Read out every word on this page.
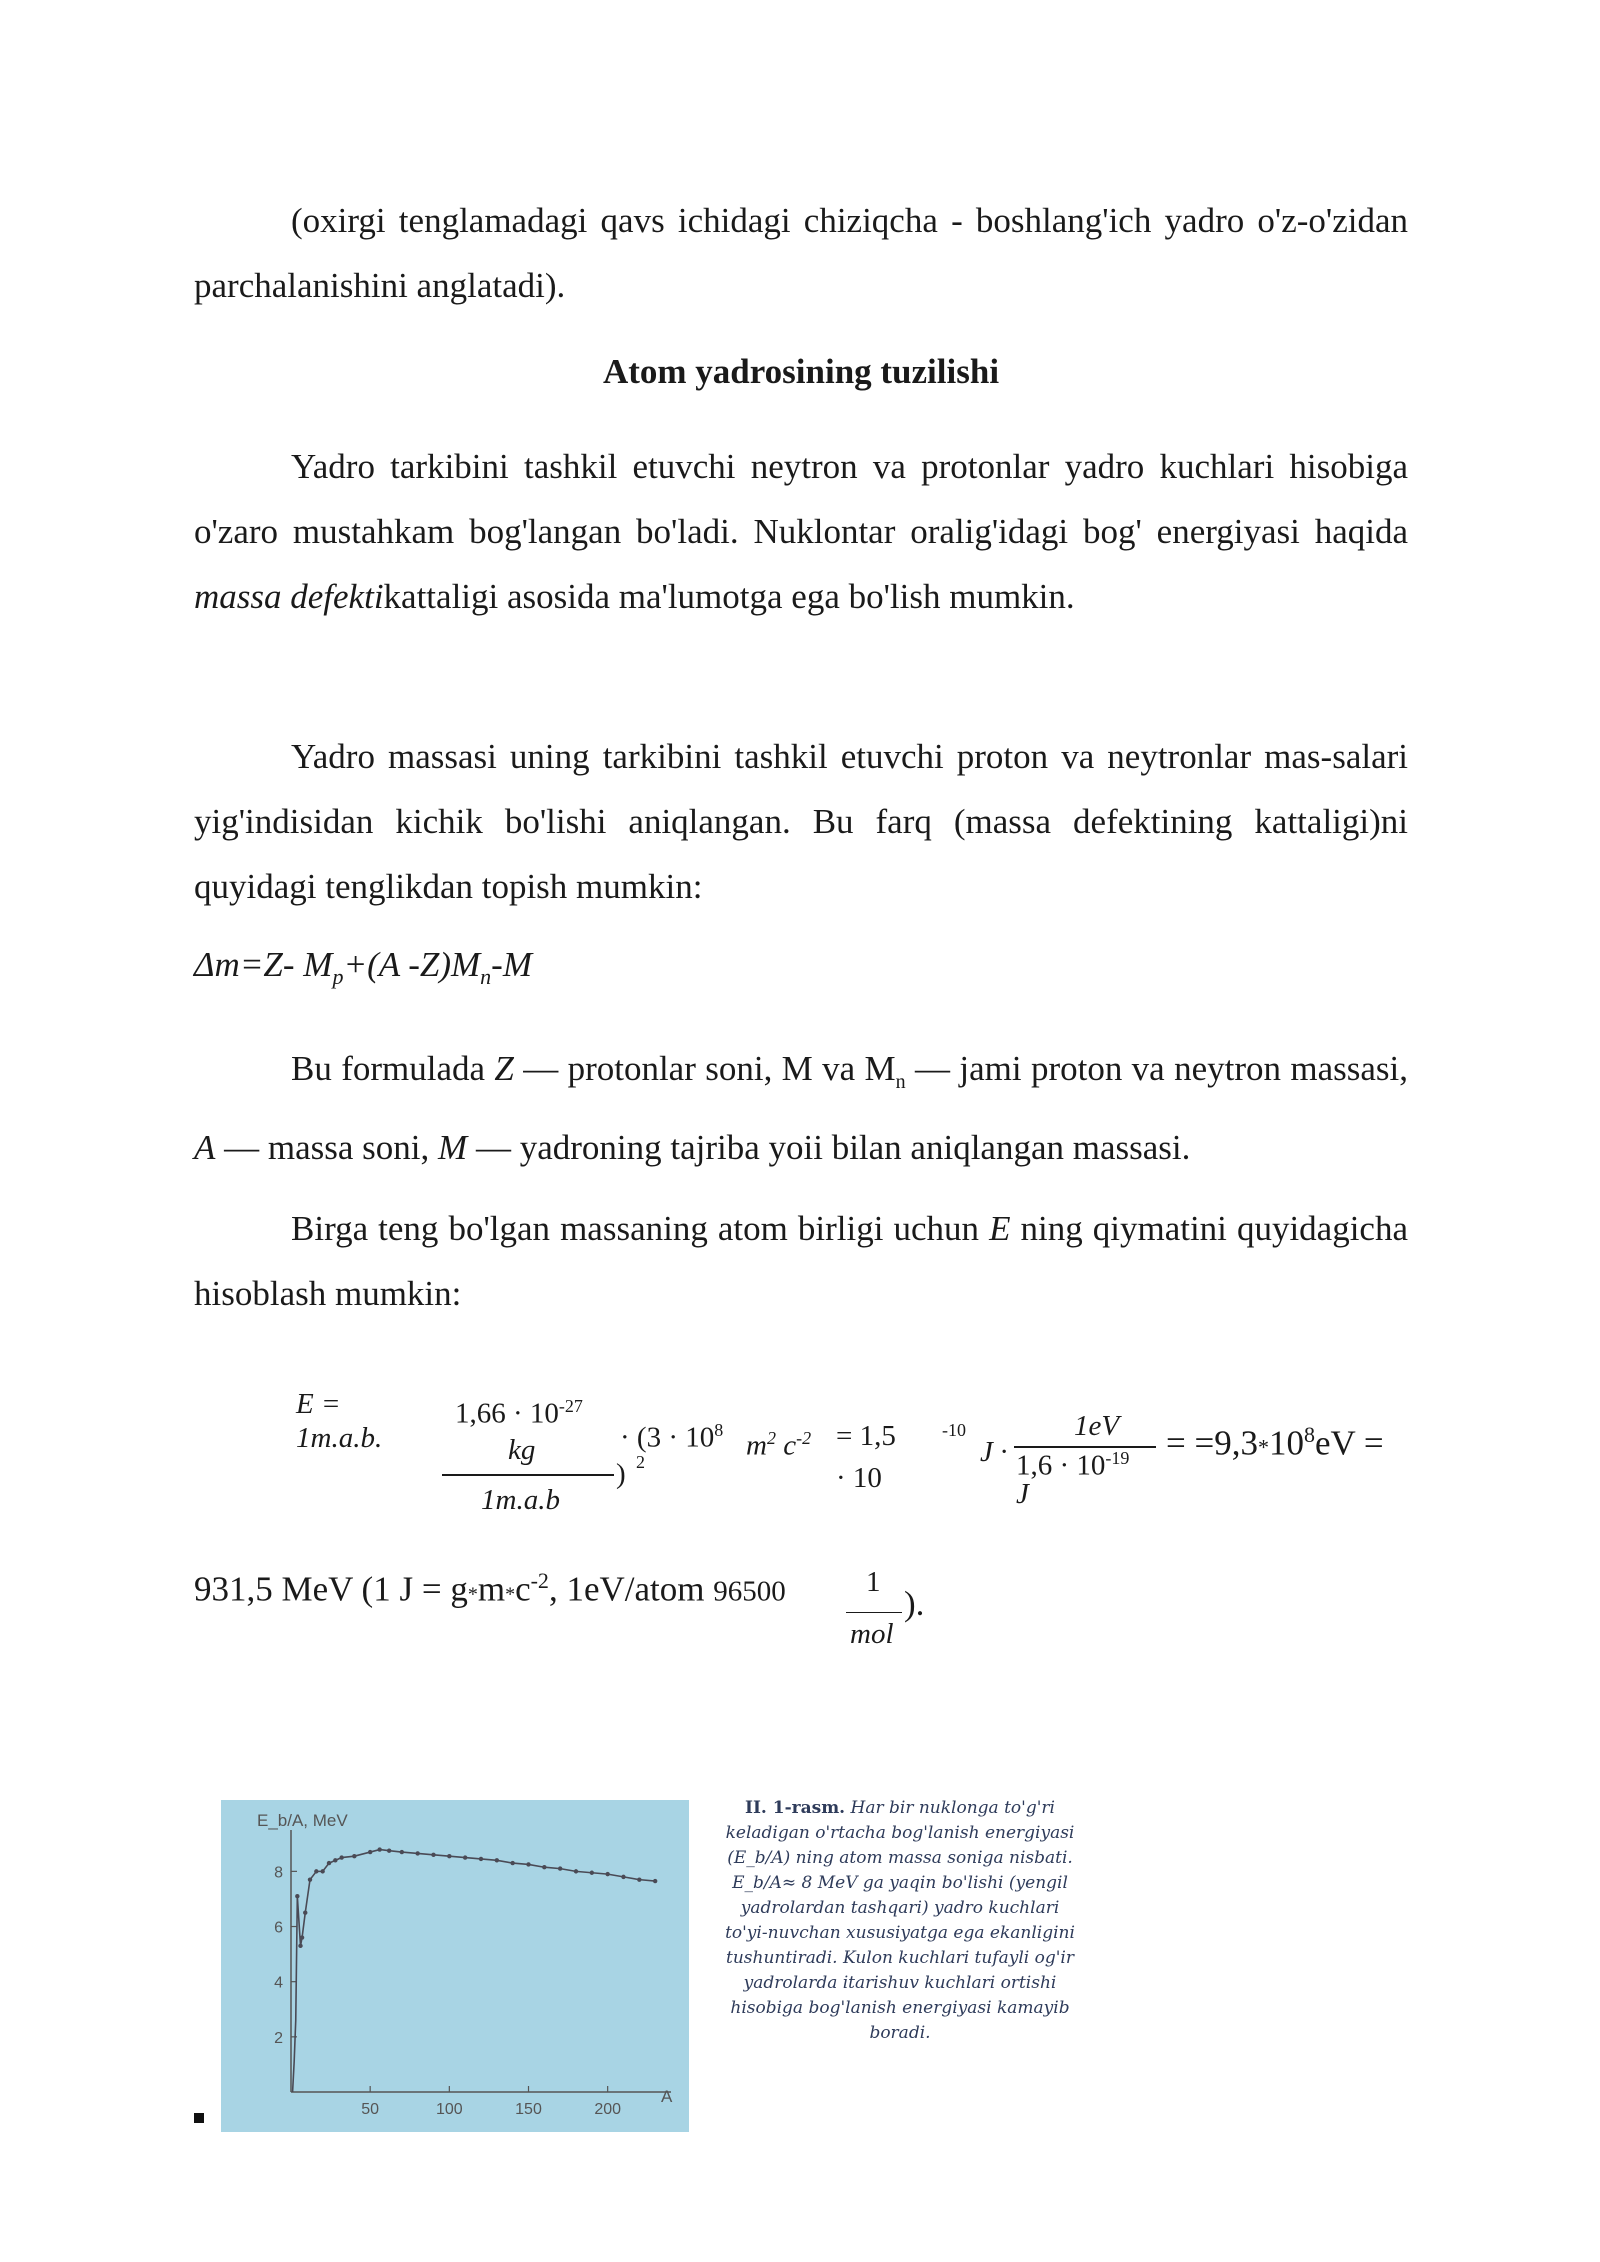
(oxirgi tenglamadagi qavs ichidagi chiziqcha - boshlang'ich yadro o'z-o'zidan parchalanishini anglatadi).

Atom yadrosining tuzilishi

Yadro tarkibini tashkil etuvchi neytron va protonlar yadro kuchlari hisobiga o'zaro mustahkam bog'langan bo'ladi. Nuklontar oralig'idagi bog' energiyasi haqida massa defektikattaligi asosida ma'lumotga ega bo'lish mumkin.

Yadro massasi uning tarkibini tashkil etuvchi proton va neytronlar mas-salari yig'indisidan kichik bo'lishi aniqlangan. Bu farq (massa defektining kattaligi)ni quyidagi tenglikdan topish mumkin:

Δm=Z- $M_p+(A$ $-Z)M_n-M$

Bu formulada Z — protonlar soni, M va $M_n$ — jami proton va neytron massasi, A — massa soni, M — yadroning tajriba yoii bilan aniqlangan massasi.

Birga teng bo'lgan massaning atom birligi uchun E ning qiymatini quyidagicha hisoblash mumkin:

E =
1m.a.b.
$1,66 \cdot 10^{-27}$
kg
1m.a.b
) 2
· ($3 \cdot 10^8$ $m^2$ $c^{-2} = 1,5$
· 10
-10
J ·
1eV
$1,6 \cdot 10^{-19}$
J
= $=9,3*10^8eV$ =
931,5 MeV (1 $J = g*m*c^{-2}$, 1eV/atom 96500	1
mol
).
50	100	150	200
2
4
6
8
E_b/A, MeV
A
II. 1-rasm. Har bir nuklonga to'g'ri keladigan o'rtacha bog'lanish energiyasi (E_b/A) ning atom massa soniga nisbati. E_b/A≈ 8 MeV ga yaqin bo'lishi (yengil yadrolardan tashqari) yadro kuchlari to'yi-nuvchan xususiyatga ega ekanligini tushuntiradi. Kulon kuchlari tufayli og'ir yadrolarda itarishuv kuchlari ortishi hisobiga bog'lanish energiyasi kamayib boradi.
